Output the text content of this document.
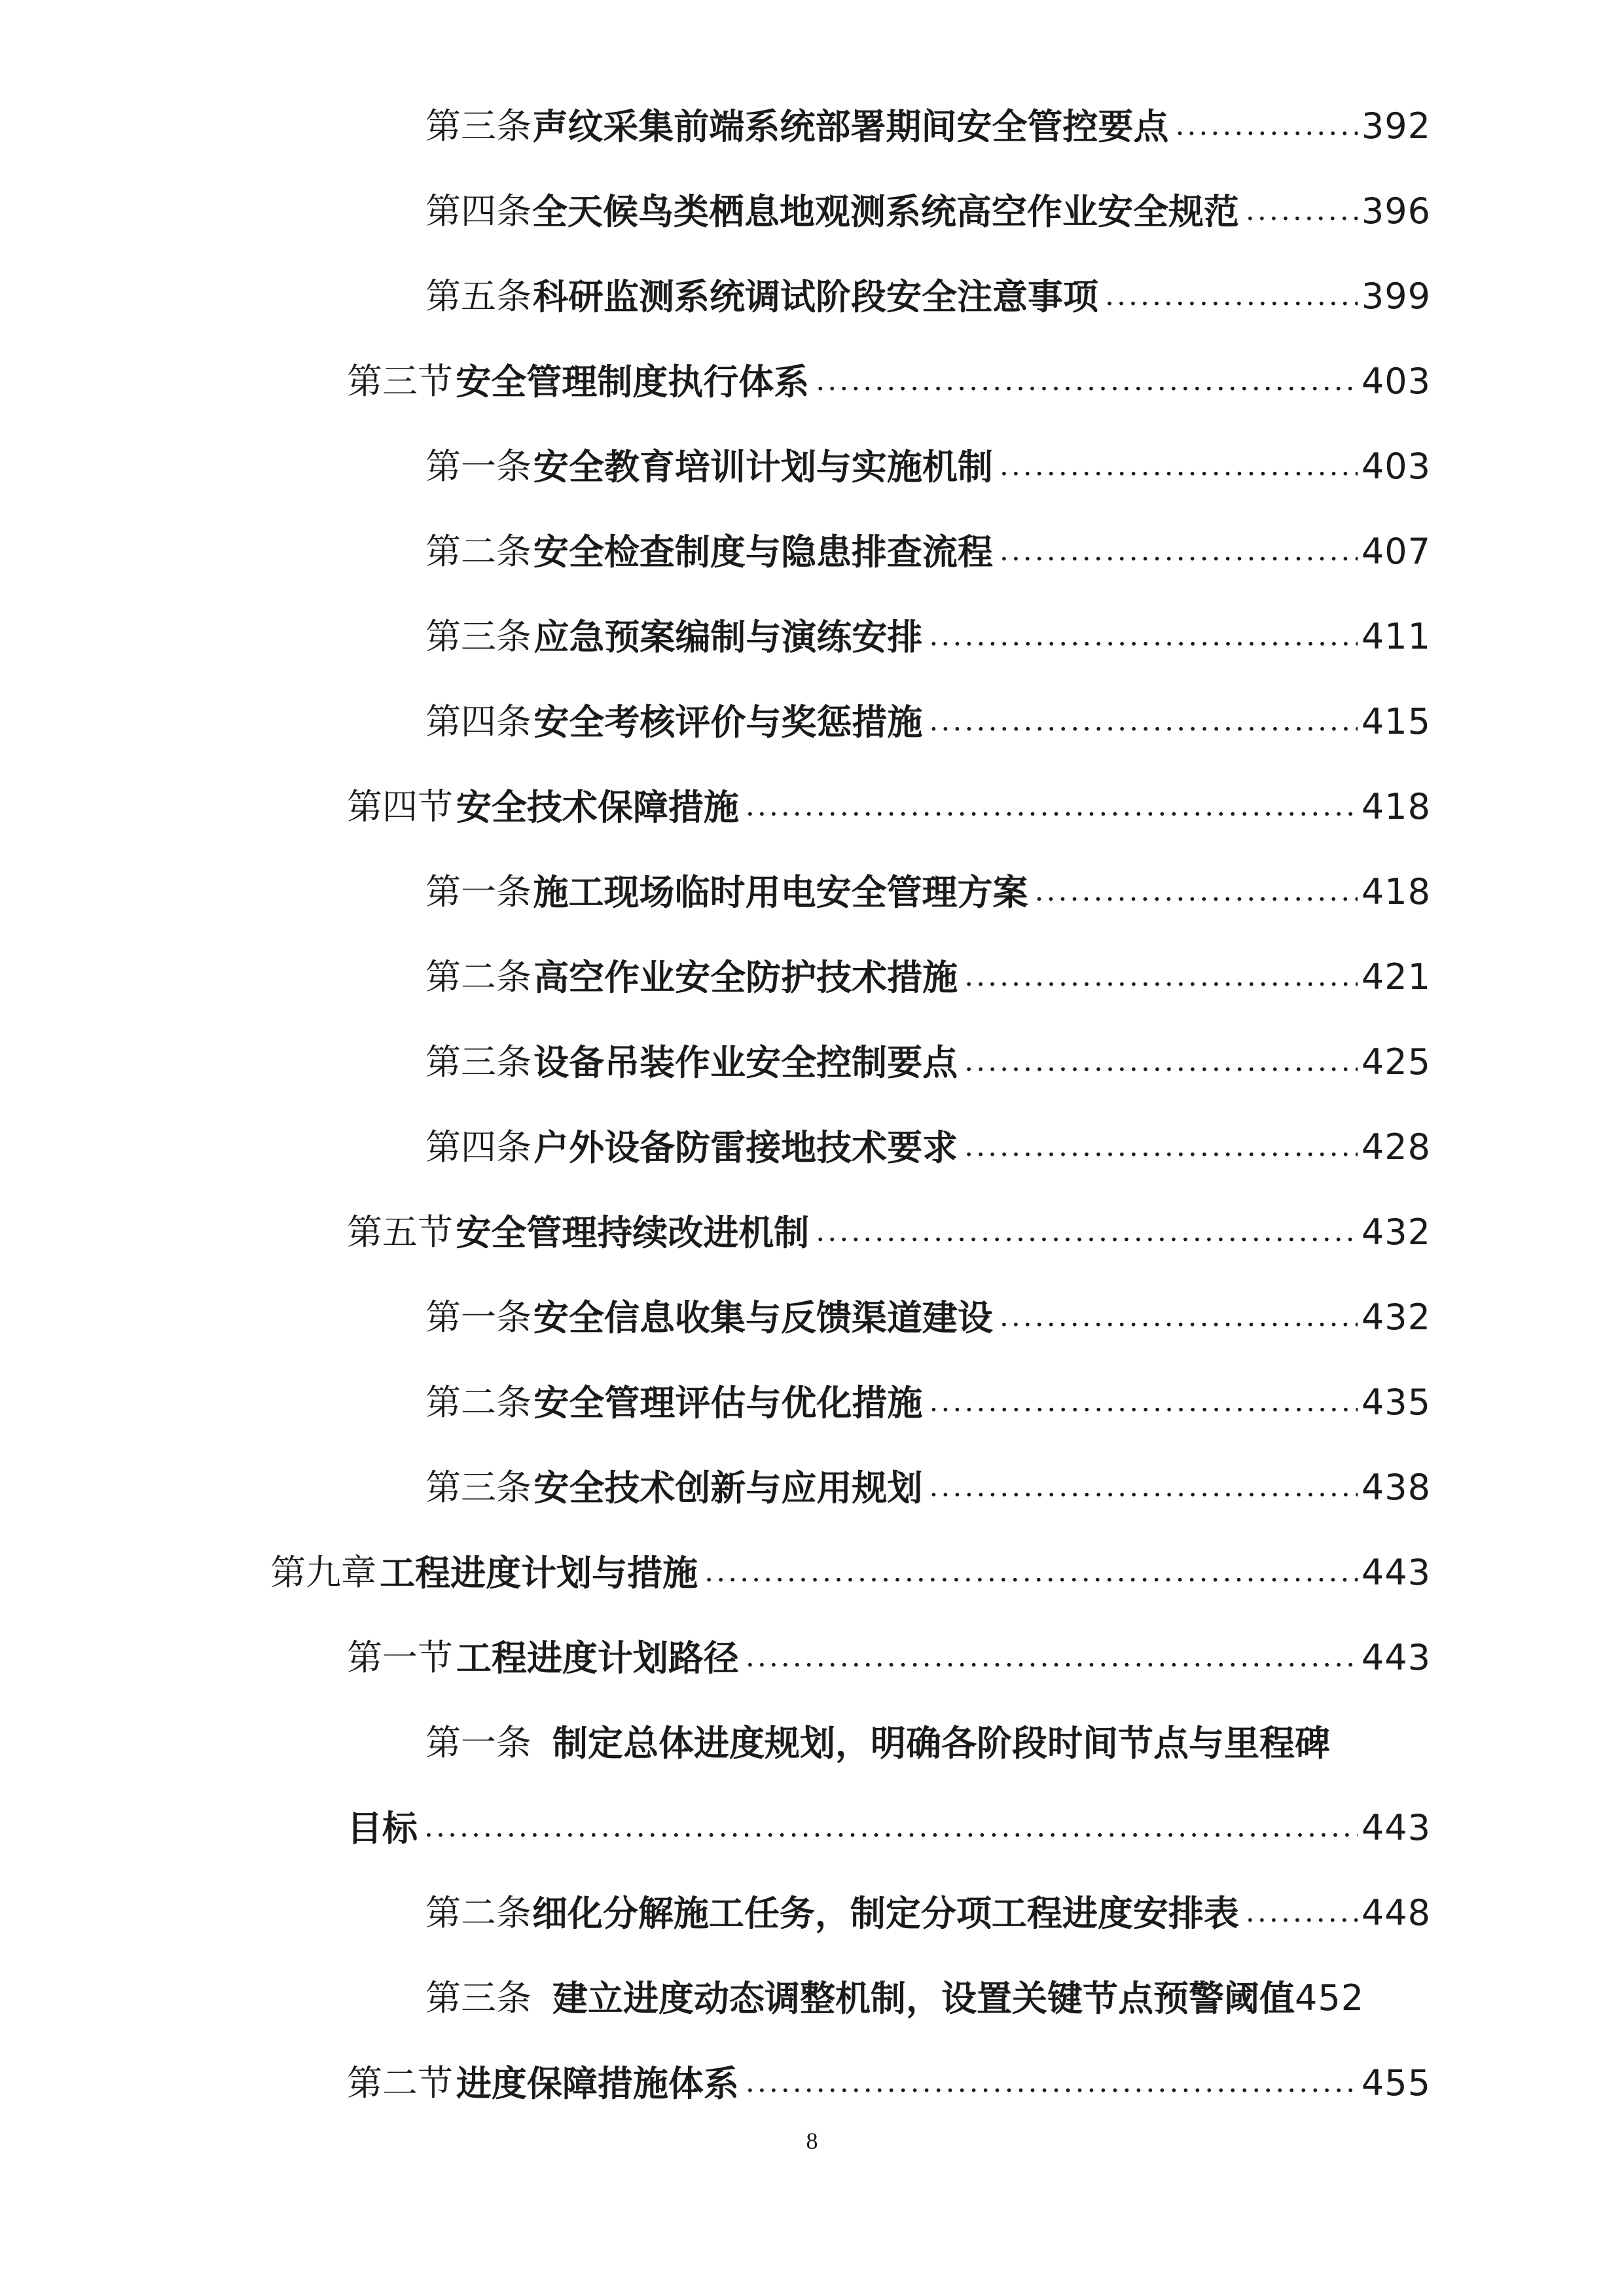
第三条 声纹采集前端系统部署期间安全管控要点 .....	392
第四条 全天候鸟类栖息地观测系统高空作业安全规范 .....	396
第五条 科研监测系统调试阶段安全注意事项 .....	399
第三节 安全管理制度执行体系 .....	403
第一条 安全教育培训计划与实施机制 .....	403
第二条 安全检查制度与隐患排查流程 .....	407
第三条 应急预案编制与演练安排 .....	411
第四条 安全考核评价与奖惩措施 .....	415
第四节 安全技术保障措施 .....	418
第一条 施工现场临时用电安全管理方案 .....	418
第二条 高空作业安全防护技术措施 .....	421
第三条 设备吊装作业安全控制要点 .....	425
第四条 户外设备防雷接地技术要求 .....	428
第五节 安全管理持续改进机制 .....	432
第一条 安全信息收集与反馈渠道建设 .....	432
第二条 安全管理评估与优化措施 .....	435
第三条 安全技术创新与应用规划 .....	438
第九章 工程进度计划与措施 .....	443
第一节 工程进度计划路径 .....	443
第一条 制定总体进度规划，明确各阶段时间节点与里程碑
目标 .....	443
第二条 细化分解施工任务，制定分项工程进度安排表 .....	448
第三条 建立进度动态调整机制，设置关键节点预警阈值 452
第二节 进度保障措施体系 .....	455
8
